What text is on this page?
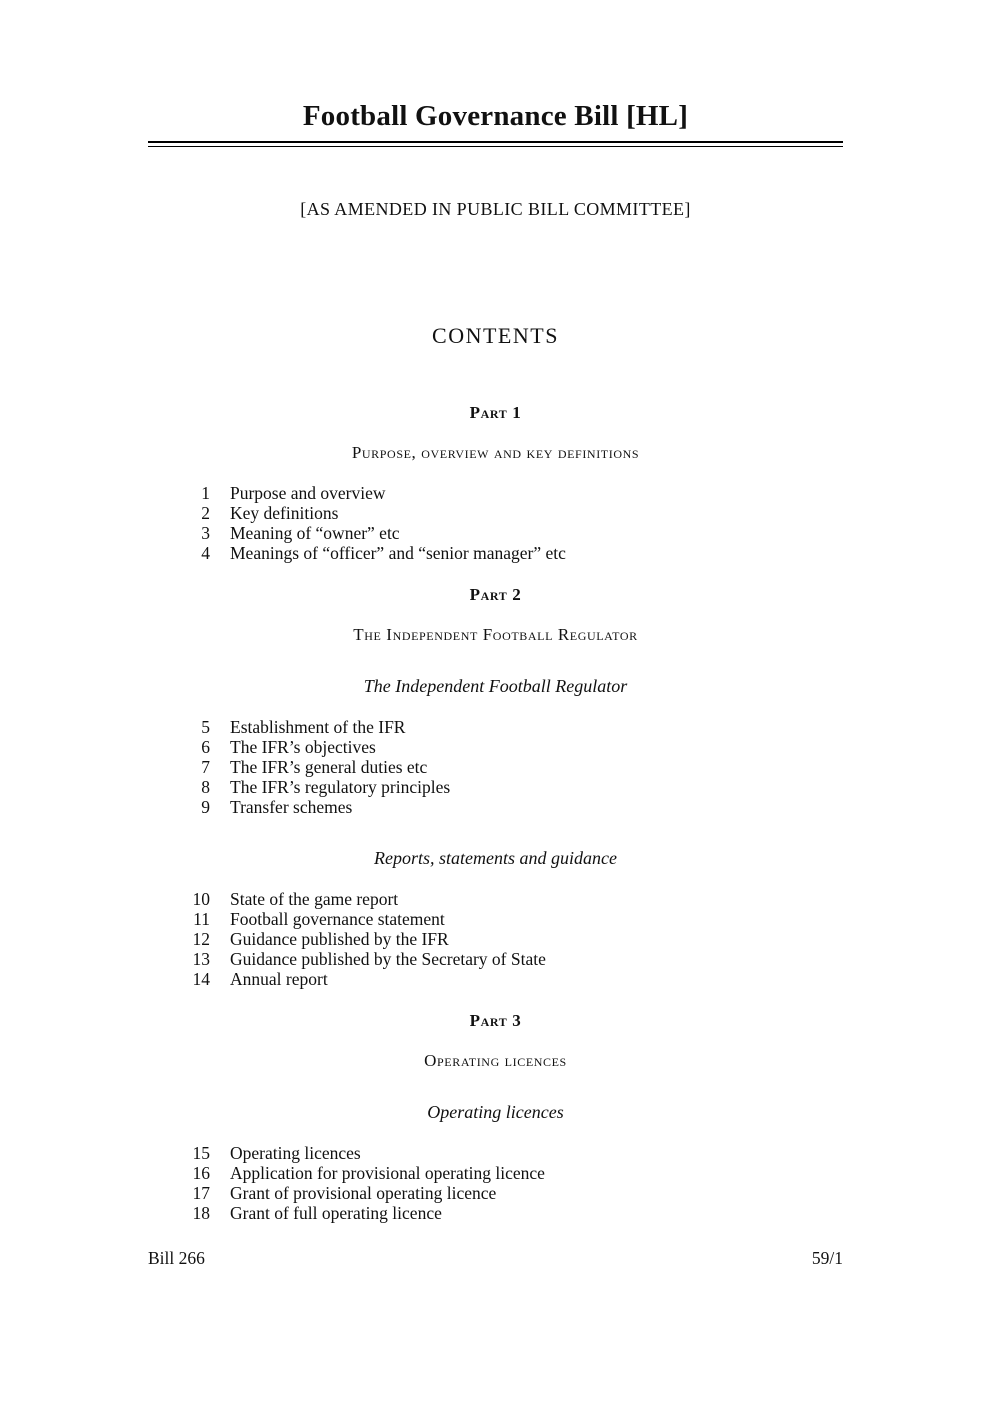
Football Governance Bill [HL]
[AS AMENDED IN PUBLIC BILL COMMITTEE]
CONTENTS
Part 1
Purpose, overview and key definitions
1 Purpose and overview
2 Key definitions
3 Meaning of “owner” etc
4 Meanings of “officer” and “senior manager” etc
Part 2
The Independent Football Regulator
The Independent Football Regulator
5 Establishment of the IFR
6 The IFR’s objectives
7 The IFR’s general duties etc
8 The IFR’s regulatory principles
9 Transfer schemes
Reports, statements and guidance
10 State of the game report
11 Football governance statement
12 Guidance published by the IFR
13 Guidance published by the Secretary of State
14 Annual report
Part 3
Operating licences
Operating licences
15 Operating licences
16 Application for provisional operating licence
17 Grant of provisional operating licence
18 Grant of full operating licence
Bill 266	59/1
